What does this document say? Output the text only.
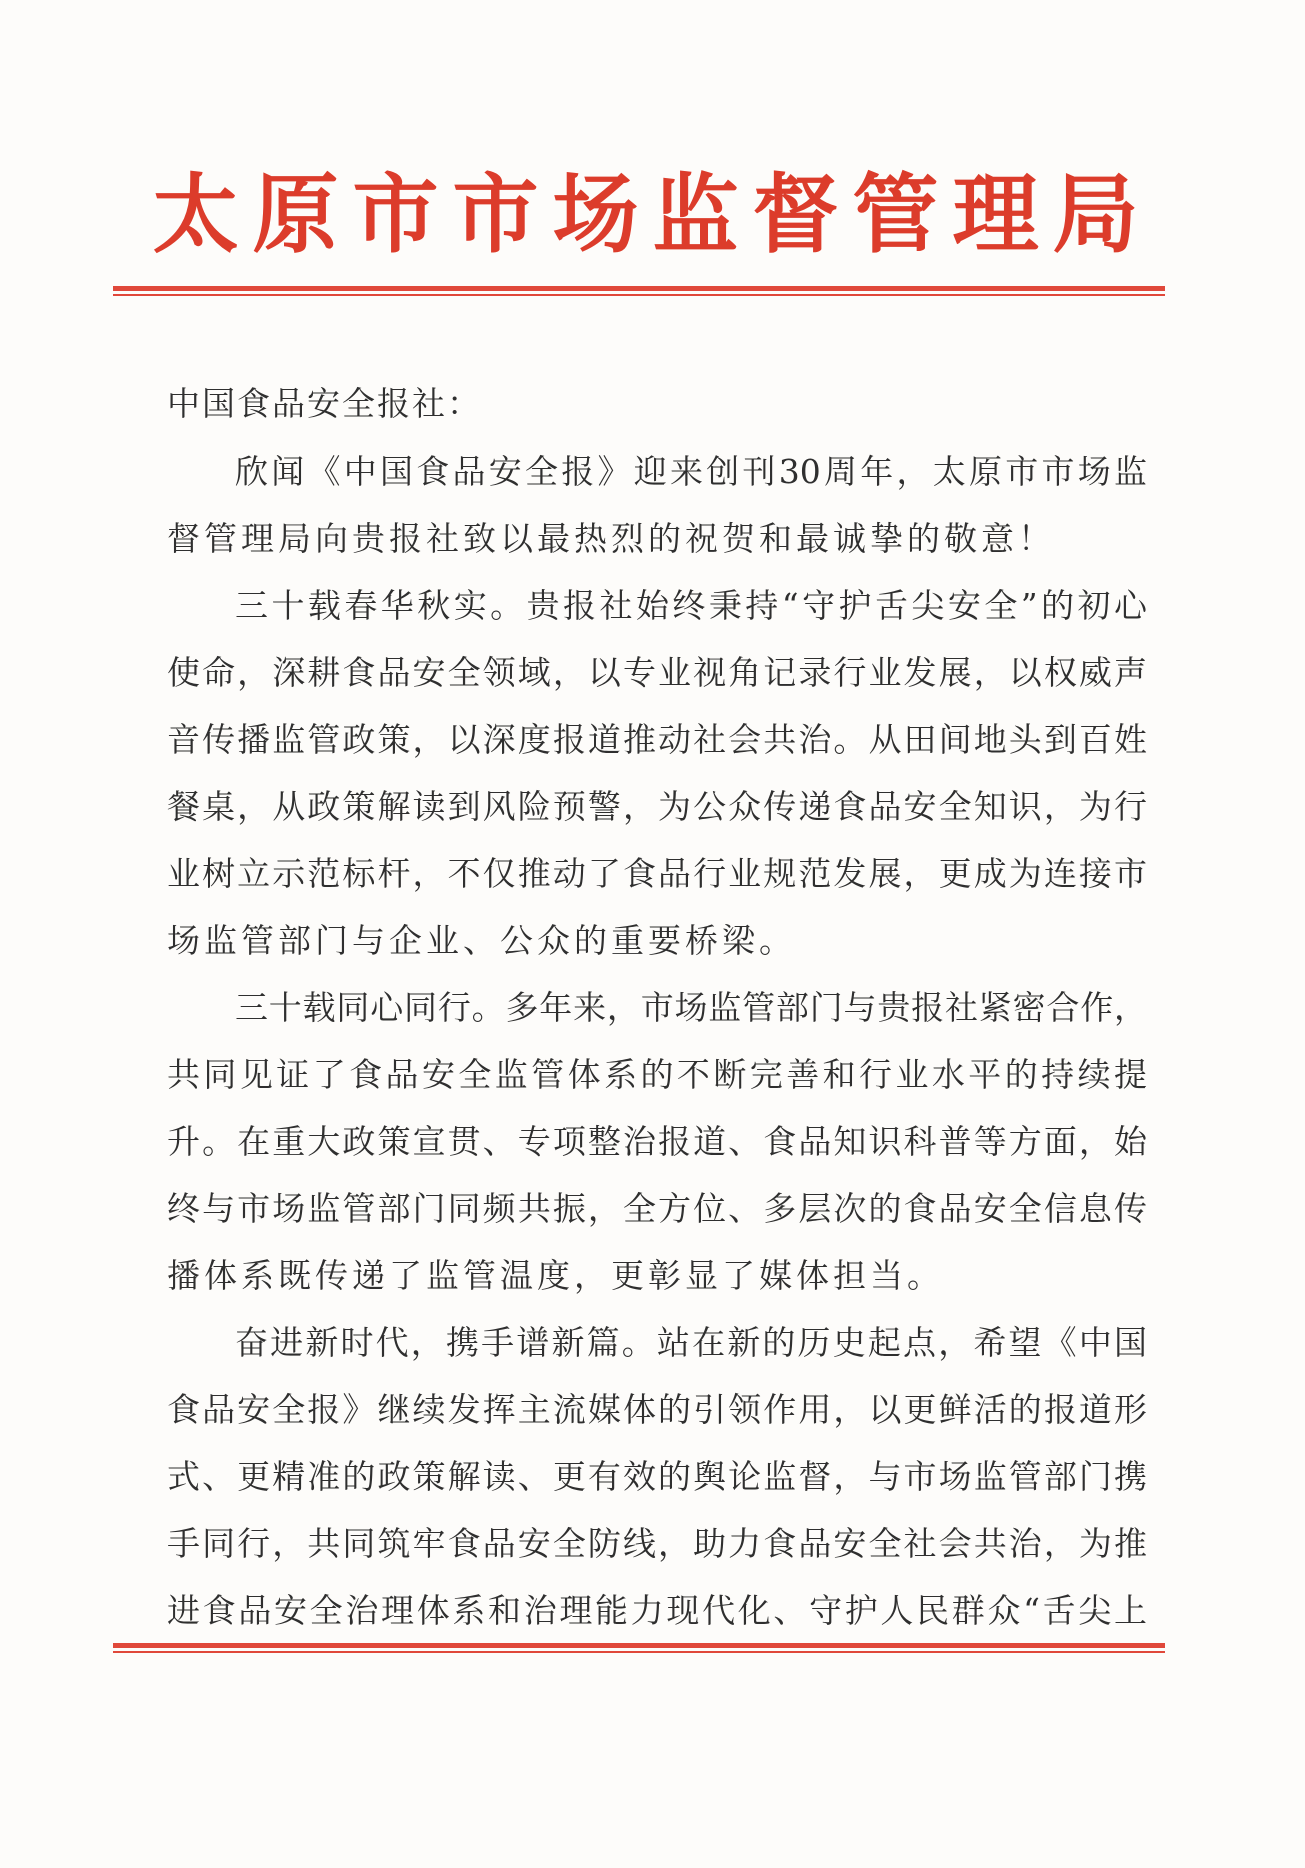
太原市市场监督管理局
中国食品安全报社：
欣闻《中国食品安全报》迎来创刊30周年，太原市市场监
督管理局向贵报社致以最热烈的祝贺和最诚挚的敬意！
三十载春华秋实。贵报社始终秉持“守护舌尖安全”的初心
使命，深耕食品安全领域，以专业视角记录行业发展，以权威声
音传播监管政策，以深度报道推动社会共治。从田间地头到百姓
餐桌，从政策解读到风险预警，为公众传递食品安全知识，为行
业树立示范标杆，不仅推动了食品行业规范发展，更成为连接市
场监管部门与企业、公众的重要桥梁。
三十载同心同行。多年来，市场监管部门与贵报社紧密合作，
共同见证了食品安全监管体系的不断完善和行业水平的持续提
升。在重大政策宣贯、专项整治报道、食品知识科普等方面，始
终与市场监管部门同频共振，全方位、多层次的食品安全信息传
播体系既传递了监管温度，更彰显了媒体担当。
奋进新时代，携手谱新篇。站在新的历史起点，希望《中国
食品安全报》继续发挥主流媒体的引领作用，以更鲜活的报道形
式、更精准的政策解读、更有效的舆论监督，与市场监管部门携
手同行，共同筑牢食品安全防线，助力食品安全社会共治，为推
进食品安全治理体系和治理能力现代化、守护人民群众“舌尖上
